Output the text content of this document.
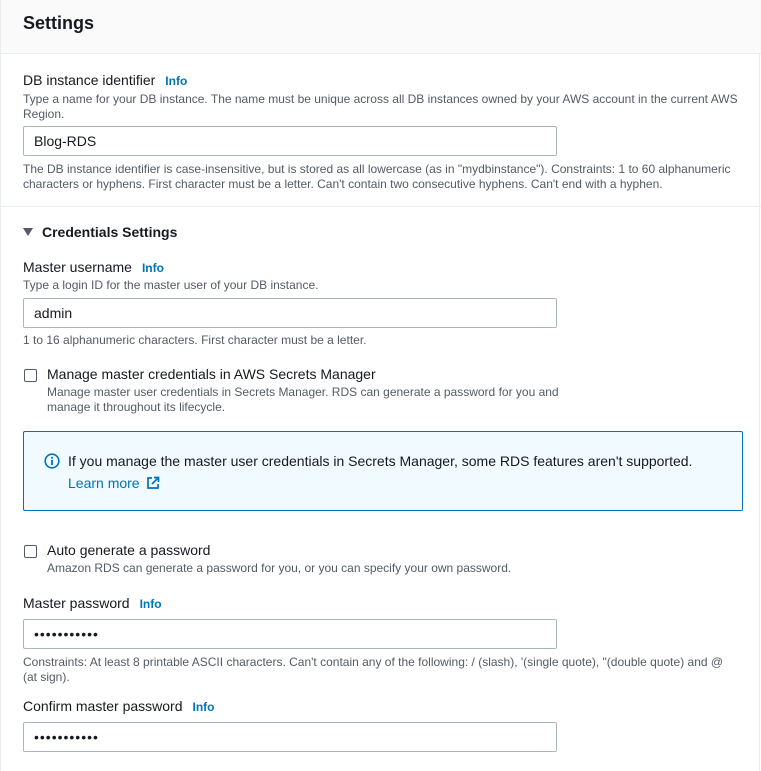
Settings
DB instance identifier Info
Type a name for your DB instance. The name must be unique across all DB instances owned by your AWS account in the current AWS
Region.
Blog-RDS
The DB instance identifier is case-insensitive, but is stored as all lowercase (as in "mydbinstance"). Constraints: 1 to 60 alphanumeric
characters or hyphens. First character must be a letter. Can't contain two consecutive hyphens. Can't end with a hyphen.
Credentials Settings
Master username Info
Type a login ID for the master user of your DB instance.
admin
1 to 16 alphanumeric characters. First character must be a letter.
Manage master credentials in AWS Secrets Manager
Manage master user credentials in Secrets Manager. RDS can generate a password for you and
manage it throughout its lifecycle.
If you manage the master user credentials in Secrets Manager, some RDS features aren't supported.
Learn more
Auto generate a password
Amazon RDS can generate a password for you, or you can specify your own password.
Master password Info
•••••••••••
Constraints: At least 8 printable ASCII characters. Can't contain any of the following: / (slash), '(single quote), "(double quote) and @
(at sign).
Confirm master password Info
•••••••••••
